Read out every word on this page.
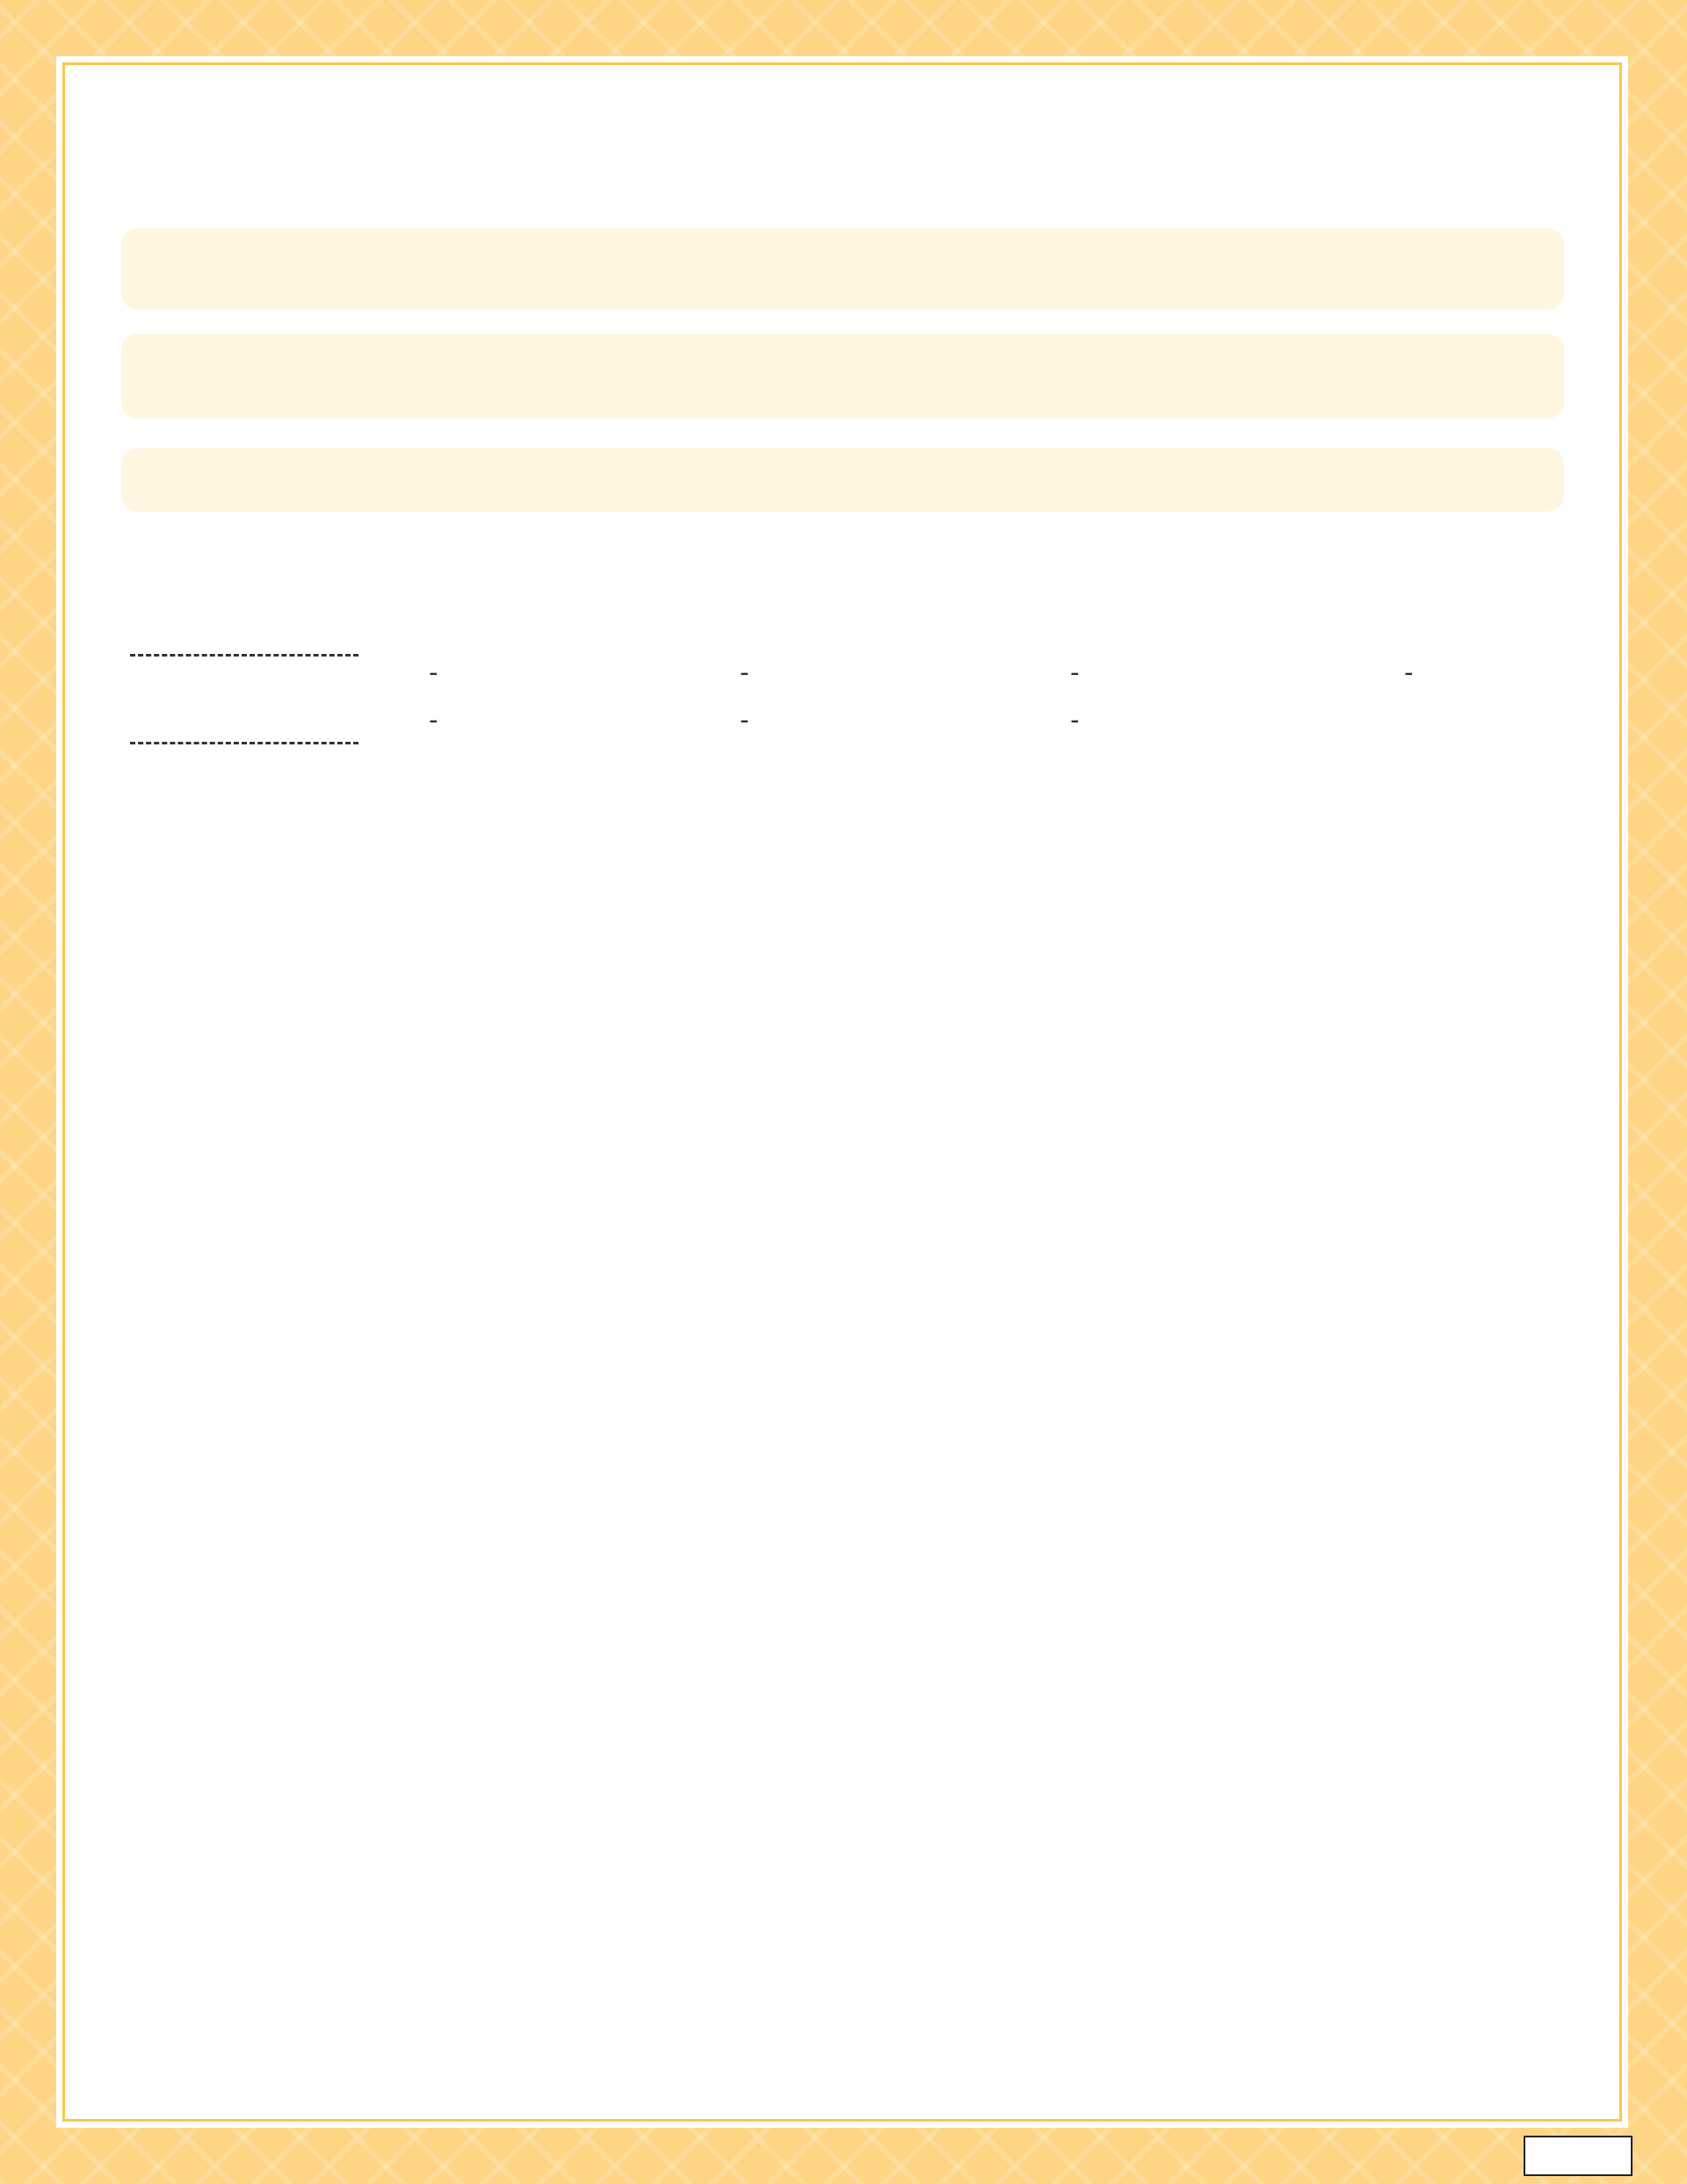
-
-
-
-
-
-
-
